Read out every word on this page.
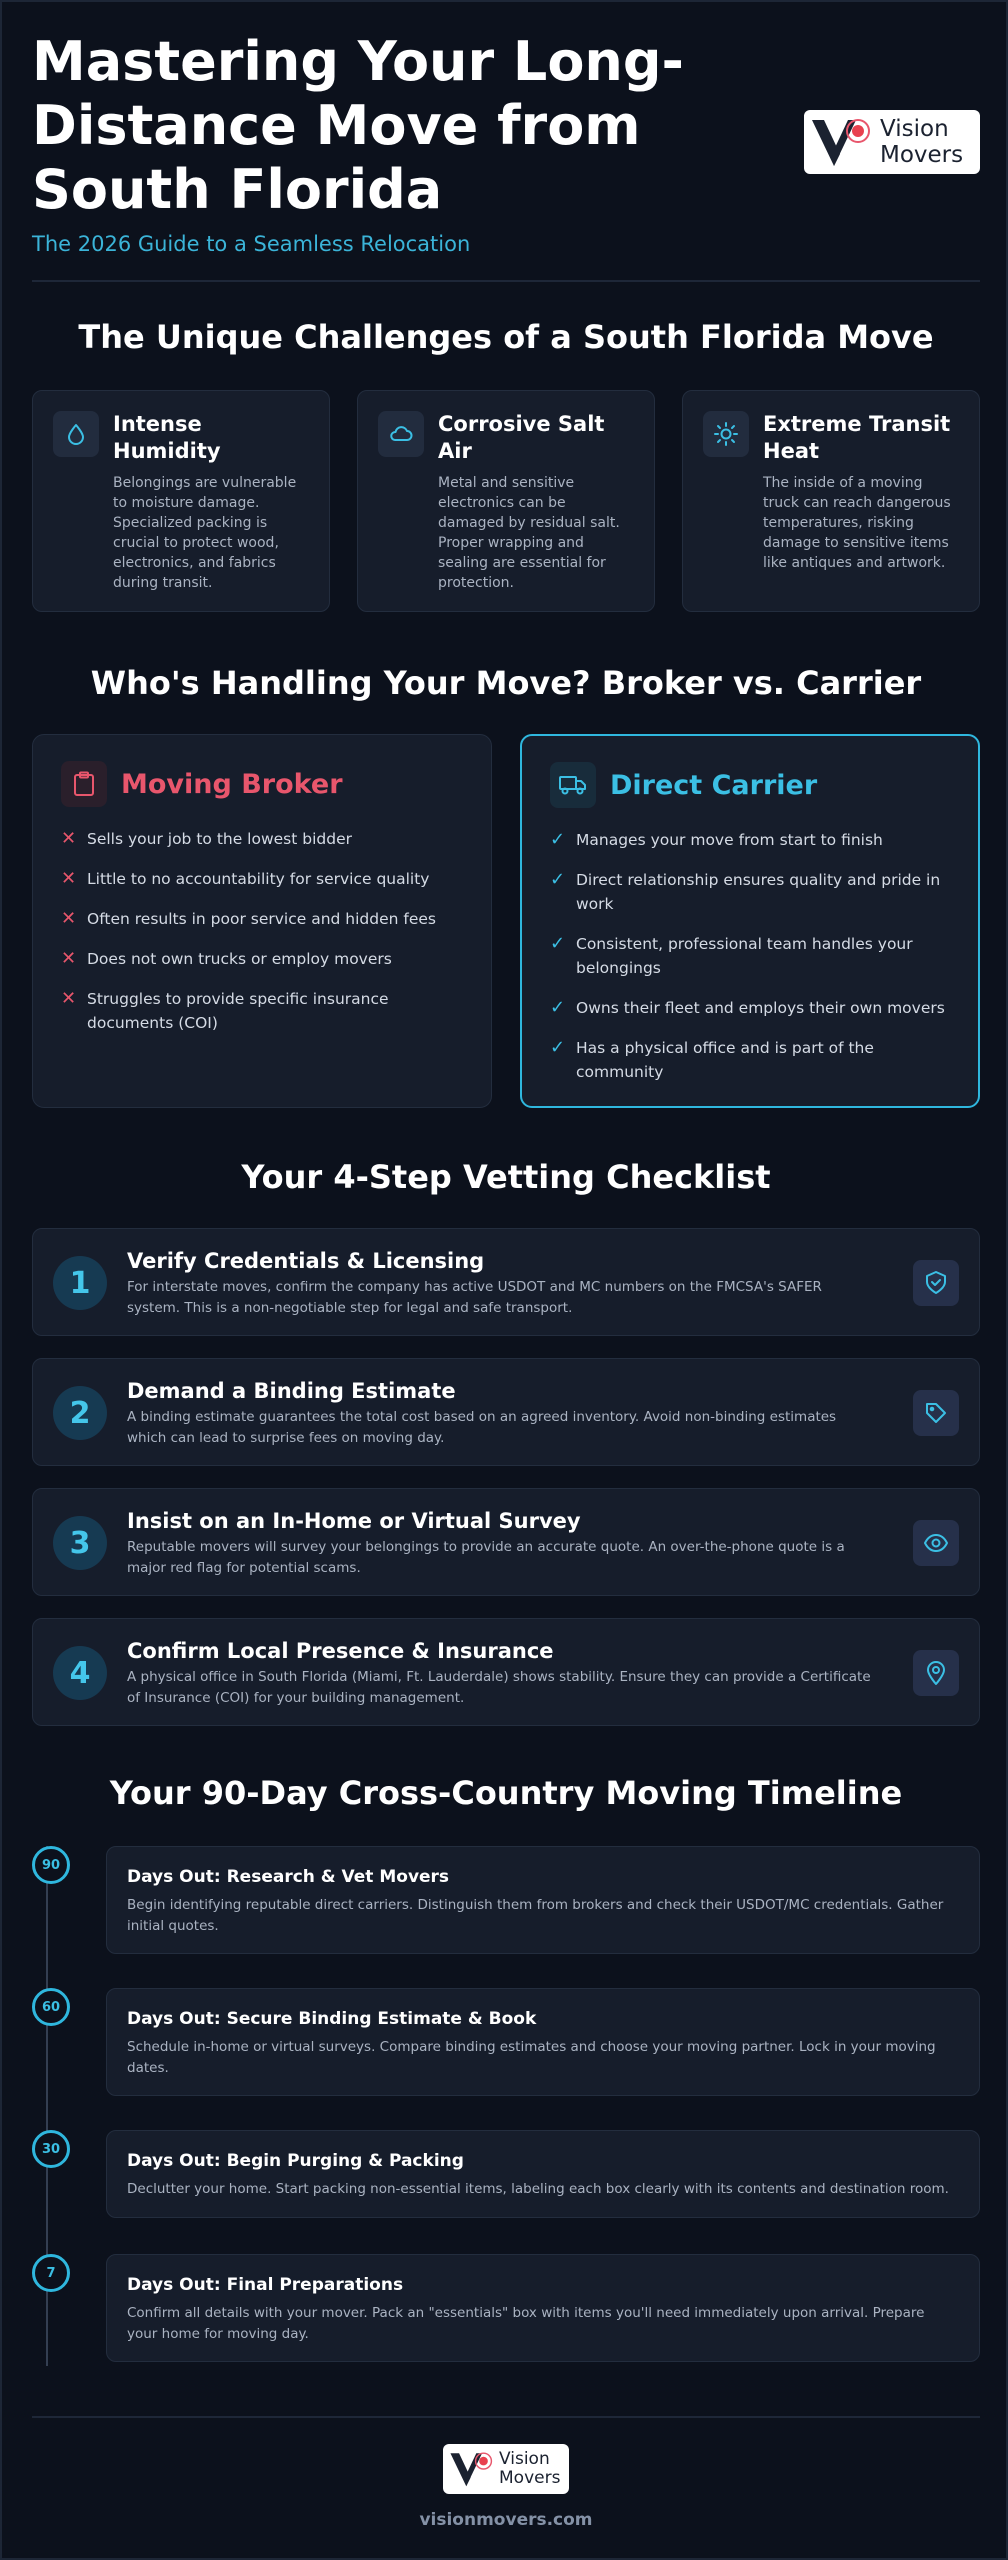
Mastering Your Long-Distance Move from South Florida
The 2026 Guide to a Seamless Relocation
Vision
Movers
The Unique Challenges of a South Florida Move
Intense Humidity
Belongings are vulnerable to moisture damage. Specialized packing is crucial to protect wood, electronics, and fabrics during transit.
Corrosive Salt Air
Metal and sensitive electronics can be damaged by residual salt. Proper wrapping and sealing are essential for protection.
Extreme Transit Heat
The inside of a moving truck can reach dangerous temperatures, risking damage to sensitive items like antiques and artwork.
Who's Handling Your Move? Broker vs. Carrier
Moving Broker
✕ Sells your job to the lowest bidder
✕ Little to no accountability for service quality
✕ Often results in poor service and hidden fees
✕ Does not own trucks or employ movers
✕ Struggles to provide specific insurance documents (COI)
Direct Carrier
✓ Manages your move from start to finish
✓ Direct relationship ensures quality and pride in work
✓ Consistent, professional team handles your belongings
✓ Owns their fleet and employs their own movers
✓ Has a physical office and is part of the community
Your 4-Step Vetting Checklist
1
Verify Credentials & Licensing
For interstate moves, confirm the company has active USDOT and MC numbers on the FMCSA's SAFER system. This is a non-negotiable step for legal and safe transport.
2
Demand a Binding Estimate
A binding estimate guarantees the total cost based on an agreed inventory. Avoid non-binding estimates which can lead to surprise fees on moving day.
3
Insist on an In-Home or Virtual Survey
Reputable movers will survey your belongings to provide an accurate quote. An over-the-phone quote is a major red flag for potential scams.
4
Confirm Local Presence & Insurance
A physical office in South Florida (Miami, Ft. Lauderdale) shows stability. Ensure they can provide a Certificate of Insurance (COI) for your building management.
Your 90-Day Cross-Country Moving Timeline
90
Days Out: Research & Vet Movers
Begin identifying reputable direct carriers. Distinguish them from brokers and check their USDOT/MC credentials. Gather initial quotes.
60
Days Out: Secure Binding Estimate & Book
Schedule in-home or virtual surveys. Compare binding estimates and choose your moving partner. Lock in your moving dates.
30
Days Out: Begin Purging & Packing
Declutter your home. Start packing non-essential items, labeling each box clearly with its contents and destination room.
7
Days Out: Final Preparations
Confirm all details with your mover. Pack an "essentials" box with items you'll need immediately upon arrival. Prepare your home for moving day.
Vision
Movers
visionmovers.com
